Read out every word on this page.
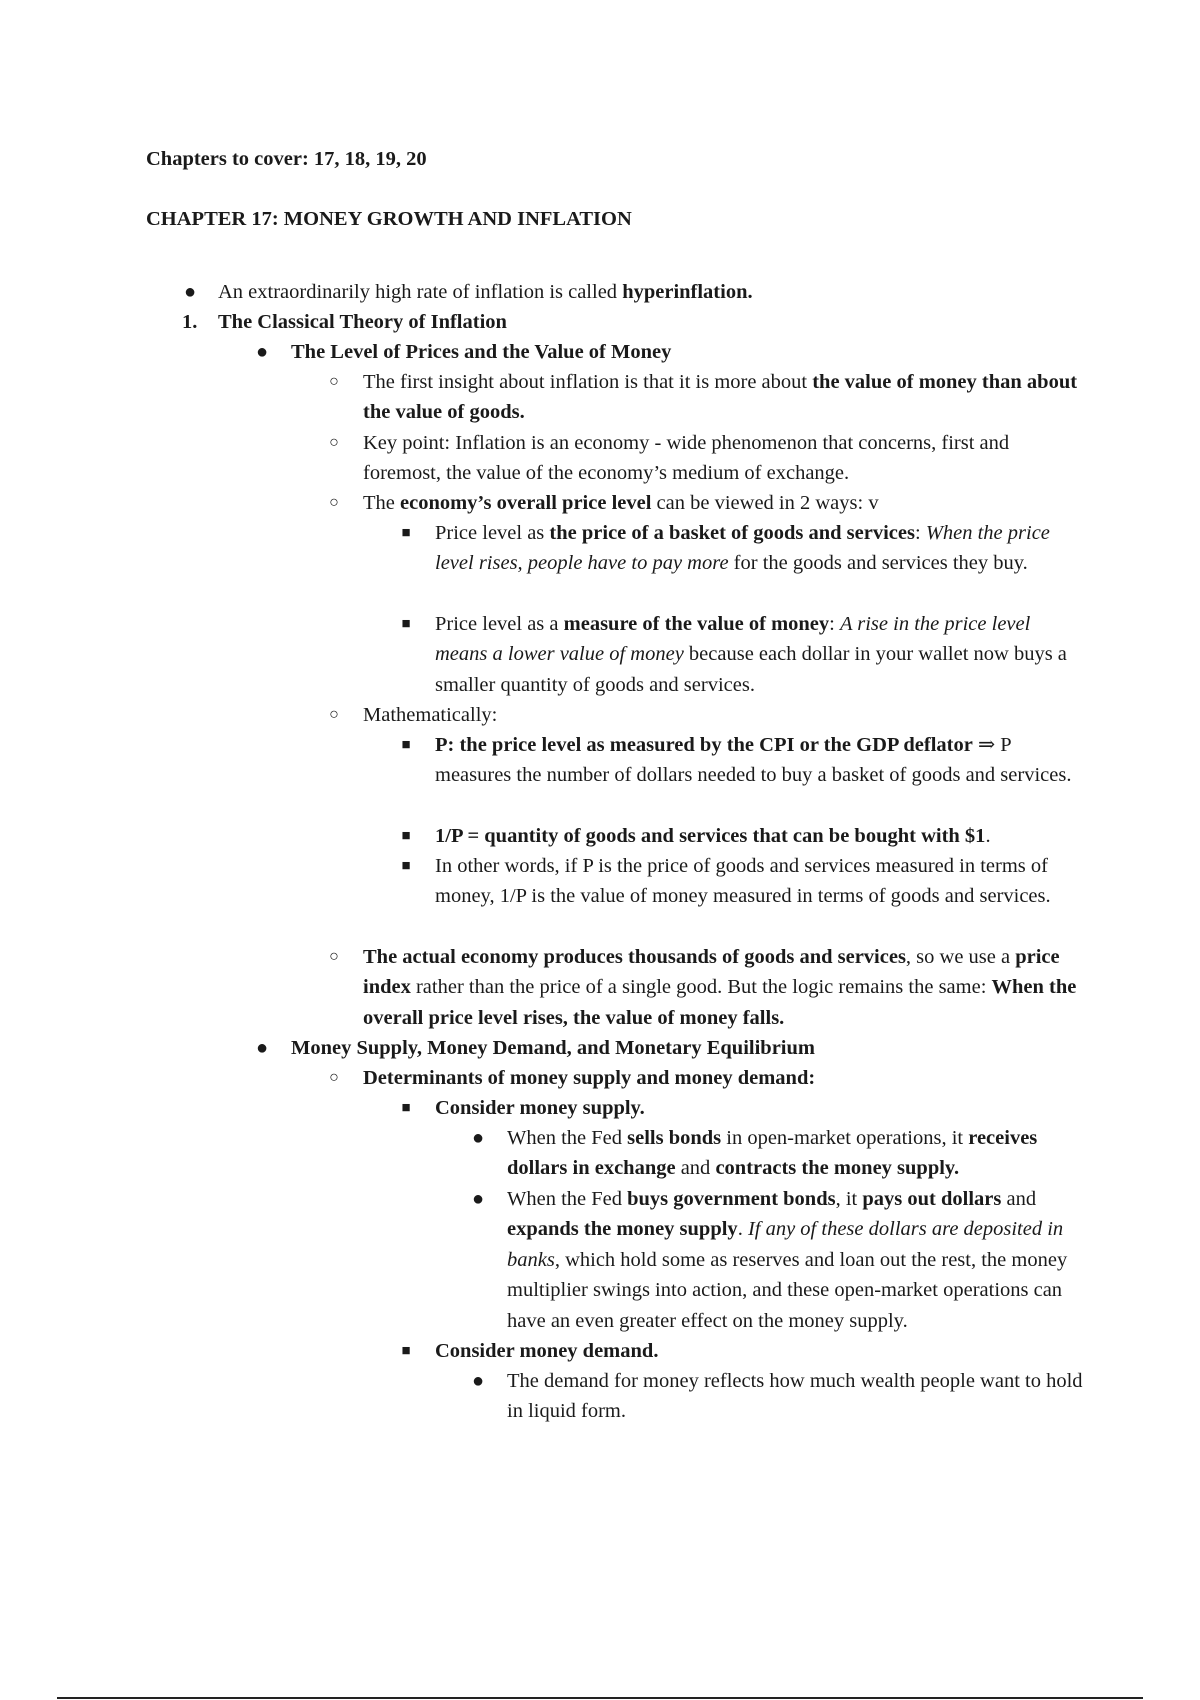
Chapters to cover: 17, 18, 19, 20
CHAPTER 17: MONEY GROWTH AND INFLATION
● An extraordinarily high rate of inflation is called hyperinflation.
1.	The Classical Theory of Inflation
● The Level of Prices and the Value of Money
○ The first insight about inflation is that it is more about the value of money than about the value of goods.
○ Key point: Inflation is an economy - wide phenomenon that concerns, first and foremost, the value of the economy’s medium of exchange.
○ The economy’s overall price level can be viewed in 2 ways: v
■ Price level as the price of a basket of goods and services: When the price level rises, people have to pay more for the goods and services they buy.
■ Price level as a measure of the value of money: A rise in the price level means a lower value of money because each dollar in your wallet now buys a smaller quantity of goods and services.
○ Mathematically:
■ P: the price level as measured by the CPI or the GDP deflator ⇒ P measures the number of dollars needed to buy a basket of goods and services.
■ 1/P = quantity of goods and services that can be bought with $1.
■ In other words, if P is the price of goods and services measured in terms of money, 1/P is the value of money measured in terms of goods and services.
○ The actual economy produces thousands of goods and services, so we use a price index rather than the price of a single good. But the logic remains the same: When the overall price level rises, the value of money falls.
● Money Supply, Money Demand, and Monetary Equilibrium
○ Determinants of money supply and money demand:
■ Consider money supply.
● When the Fed sells bonds in open-market operations, it receives dollars in exchange and contracts the money supply.
● When the Fed buys government bonds, it pays out dollars and expands the money supply. If any of these dollars are deposited in banks, which hold some as reserves and loan out the rest, the money multiplier swings into action, and these open-market operations can have an even greater effect on the money supply.
■ Consider money demand.
● The demand for money reflects how much wealth people want to hold in liquid form.
